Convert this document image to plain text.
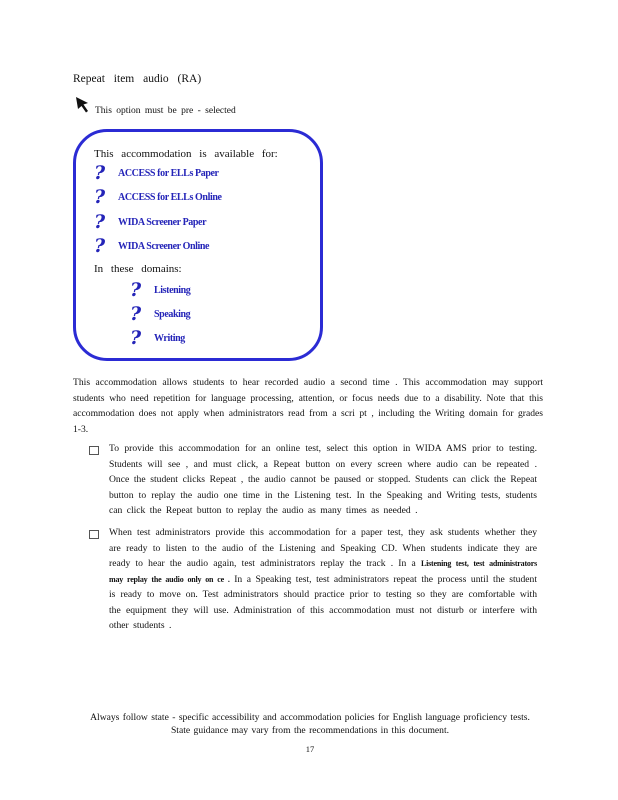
Repeat item audio (RA)
This option must be pre - selected
This accommodation is available for:
?	ACCESS for ELLs Paper
?	ACCESS for ELLs Online
?	WIDA Screener Paper
?	WIDA Screener Online
In these domains:
?	Listening
?	Speaking
?	Writing
This accommodation allows students to hear recorded audio a second time . This accommodation may support students who need repetition for language processing, attention, or focus needs due to a disability. Note that this accommodation does not apply when administrators read from a scri pt , including the Writing domain for grades 1-3.
To provide this accommodation for an online test, select this option in WIDA AMS prior to testing. Students will see , and must click, a Repeat button on every screen where audio can be repeated . Once the student clicks Repeat , the audio cannot be paused or stopped. Students can click the Repeat button to replay the audio one time in the Listening test. In the Speaking and Writing tests, students can click the Repeat button to replay the audio as many times as needed .
When test administrators provide this accommodation for a paper test, they ask students whether they are ready to listen to the audio of the Listening and Speaking CD. When students indicate they are ready to hear the audio again, test administrators replay the track . In a Listening test, test administrators may replay the audio only on ce . In a Speaking test, test administrators repeat the process until the student is ready to move on. Test administrators should practice prior to testing so they are comfortable with the equipment they will use. Administration of this accommodation must not disturb or interfere with other students .
Always follow state - specific accessibility and accommodation policies for English language proficiency tests.
State guidance may vary from the recommendations in this document.
17
